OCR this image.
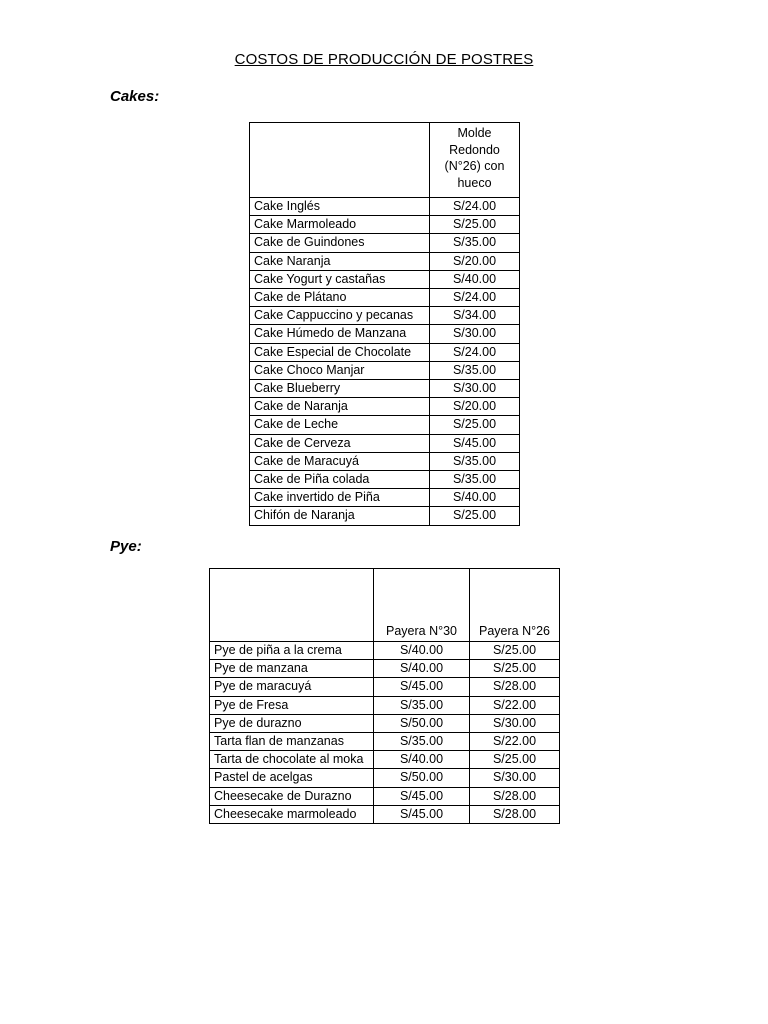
COSTOS DE PRODUCCIÓN DE POSTRES
Cakes:
	Molde Redondo (N°26) con hueco
Cake Inglés	S/24.00
Cake Marmoleado	S/25.00
Cake de Guindones	S/35.00
Cake Naranja	S/20.00
Cake Yogurt y castañas	S/40.00
Cake de Plátano	S/24.00
Cake Cappuccino y pecanas	S/34.00
Cake Húmedo de Manzana	S/30.00
Cake Especial de Chocolate	S/24.00
Cake Choco Manjar	S/35.00
Cake Blueberry	S/30.00
Cake de Naranja	S/20.00
Cake de Leche	S/25.00
Cake de Cerveza	S/45.00
Cake de Maracuyá	S/35.00
Cake de Piña colada	S/35.00
Cake invertido de Piña	S/40.00
Chifón de Naranja	S/25.00
Pye:
	Payera N°30	Payera N°26
Pye de piña a la crema	S/40.00	S/25.00
Pye de manzana	S/40.00	S/25.00
Pye de maracuyá	S/45.00	S/28.00
Pye de Fresa	S/35.00	S/22.00
Pye de durazno	S/50.00	S/30.00
Tarta flan de manzanas	S/35.00	S/22.00
Tarta de chocolate al moka	S/40.00	S/25.00
Pastel de acelgas	S/50.00	S/30.00
Cheesecake de Durazno	S/45.00	S/28.00
Cheesecake marmoleado	S/45.00	S/28.00
